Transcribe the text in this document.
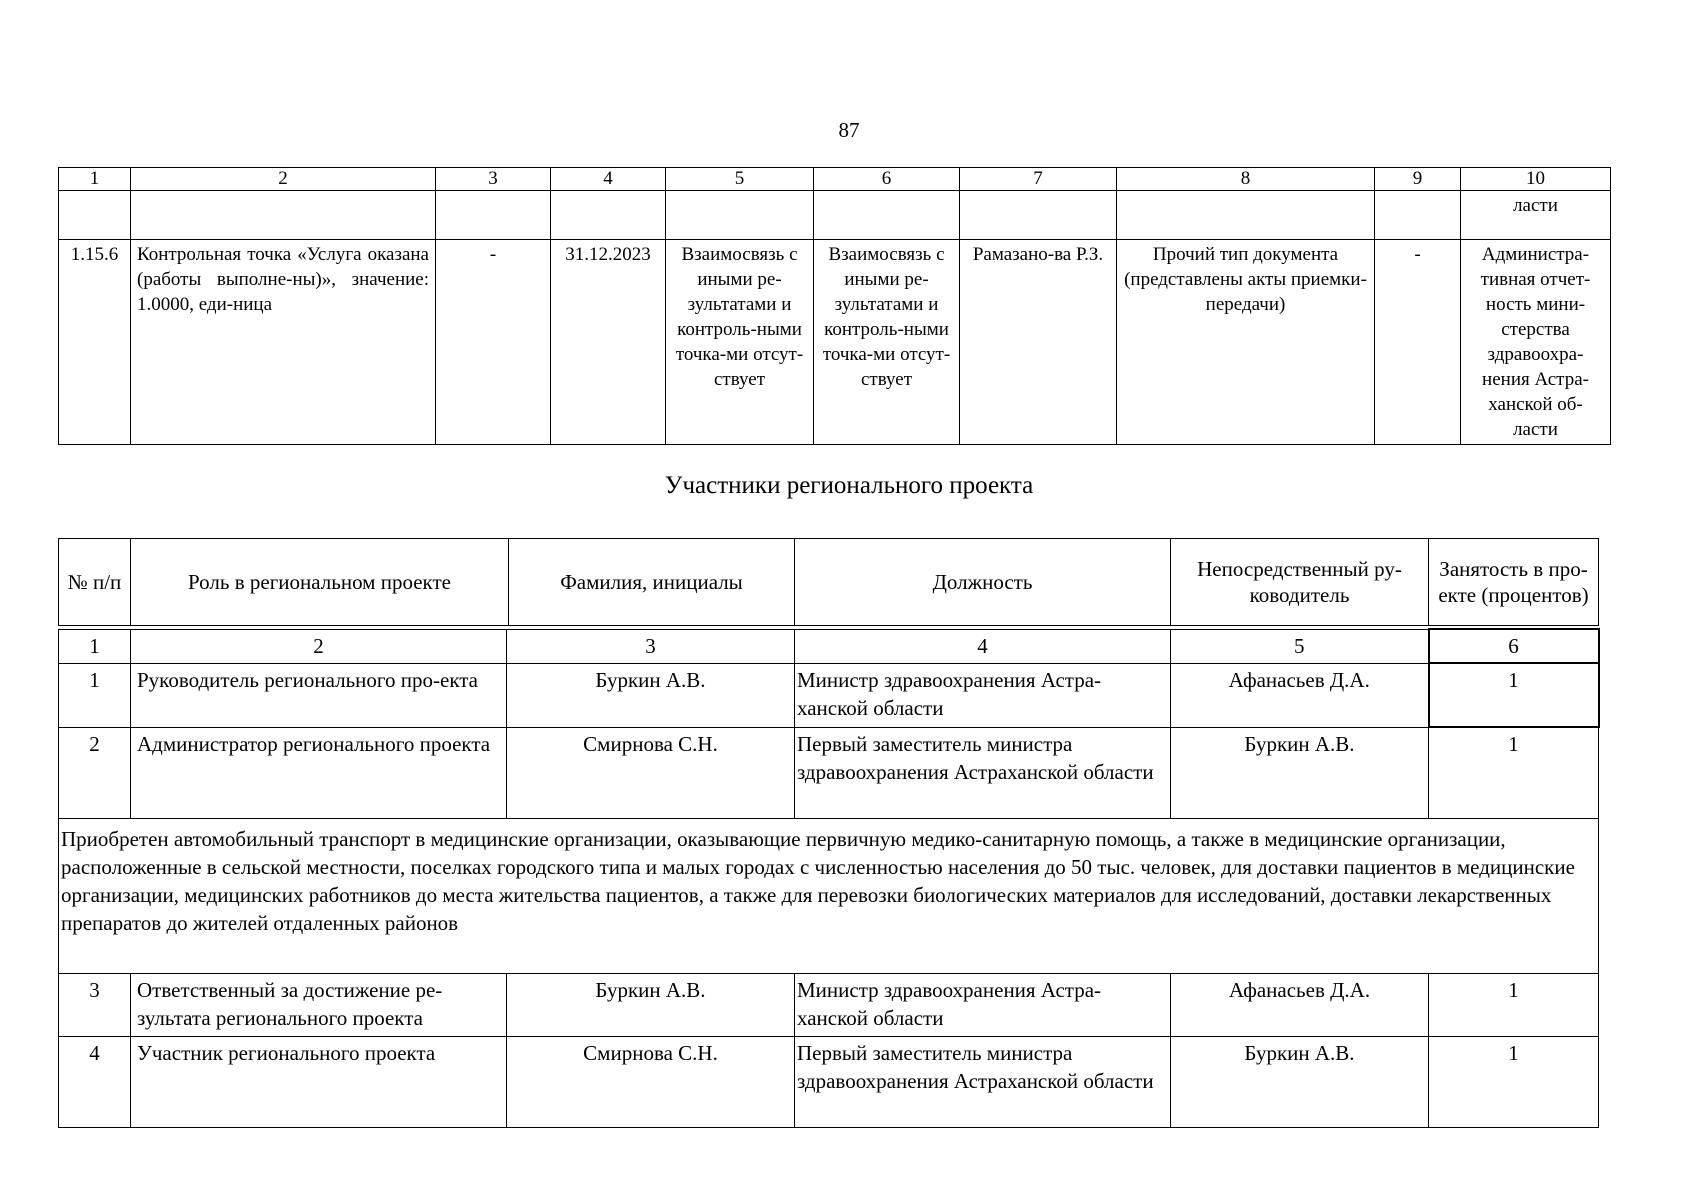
87
1	2	3	4	5	6	7	8	9	10
									ласти
1.15.6	Контрольная точка «Услуга оказана (работы выполне-ны)», значение: 1.0000, еди-ница	-	31.12.2023	Взаимосвязь с иными ре-зультатами и контроль-ными точка-ми отсут-ствует	Взаимосвязь с иными ре-зультатами и контроль-ными точка-ми отсут-ствует	Рамазано-ва Р.З.	Прочий тип документа (представлены акты приемки-передачи)	-	Администра-тивная отчет-ность мини-стерства здравоохра-нения Астра-ханской об-ласти
Участники регионального проекта
№ п/п	Роль в региональном проекте	Фамилия, инициалы	Должность	Непосредственный ру-ководитель	Занятость в про-екте (процентов)
1	2	3	4	5	6
1	Руководитель регионального про-екта	Буркин А.В.	Министр здравоохранения Астра-ханской области	Афанасьев Д.А.	1
2	Администратор регионального проекта	Смирнова С.Н.	Первый заместитель министра здравоохранения Астраханской области	Буркин А.В.	1
Приобретен автомобильный транспорт в медицинские организации, оказывающие первичную медико-санитарную помощь, а также в медицинские организации, расположенные в сельской местности, поселках городского типа и малых городах с численностью населения до 50 тыс. человек, для доставки пациентов в медицинские организации, медицинских работников до места жительства пациентов, а также для перевозки биологических материалов для исследований, доставки лекарственных препаратов до жителей отдаленных районов					
3	Ответственный за достижение ре-зультата регионального проекта	Буркин А.В.	Министр здравоохранения Астра-ханской области	Афанасьев Д.А.	1
4	Участник регионального проекта	Смирнова С.Н.	Первый заместитель министра здравоохранения Астраханской области	Буркин А.В.	1
